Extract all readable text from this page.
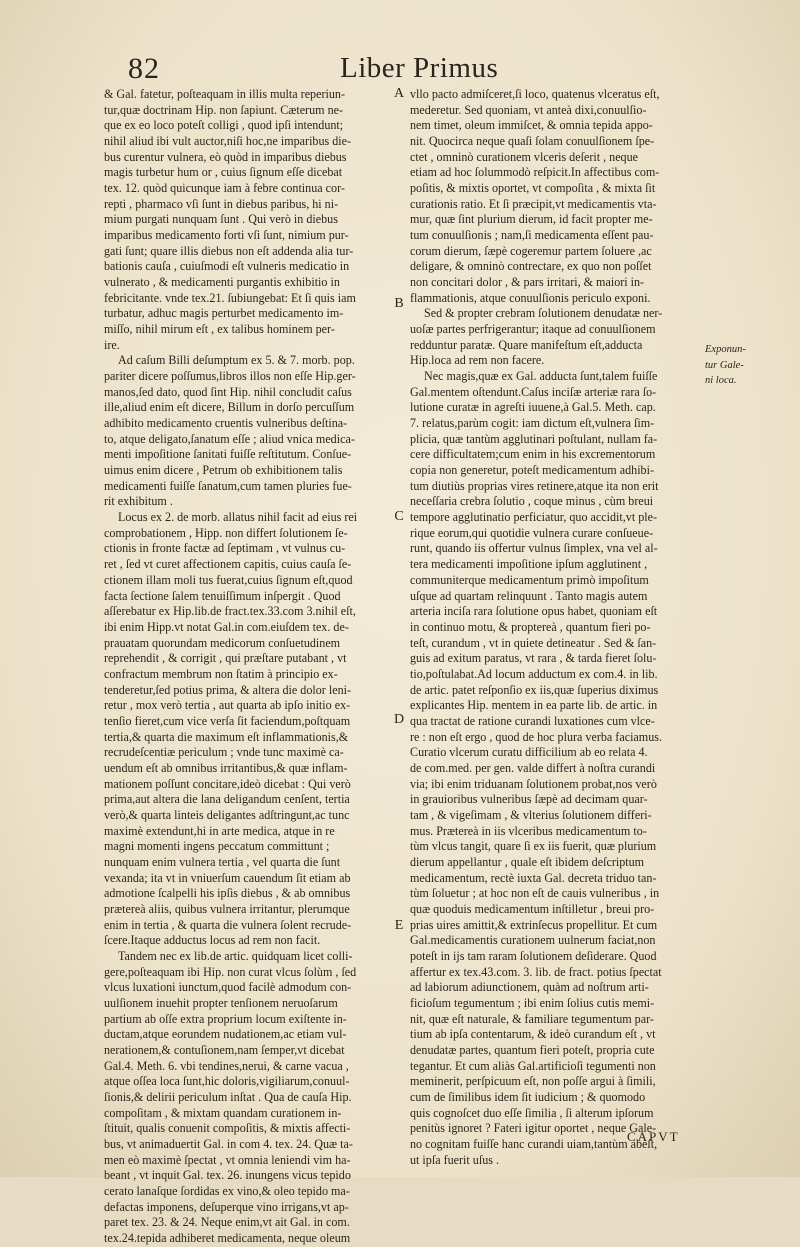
82	Liber Primus
& Gal. fatetur, poſteaquam in illis multa reperiun-
tur,quæ doctrinam Hip. non ſapiunt. Cæterum ne-
que ex eo loco poteſt colligi , quod ipſi intendunt;
nihil aliud ibi vult auctor,niſi hoc,ne imparibus die-
bus curentur vulnera, eò quòd in imparibus diebus
magis turbetur hum or , cuius ſignum eſſe dicebat
tex. 12. quòd quicunque iam à febre continua cor-
repti , pharmaco vſi ſunt in diebus paribus, hi ni-
mium purgati nunquam ſunt . Qui verò in diebus
imparibus medicamento forti vſi ſunt, nimium pur-
gati ſunt; quare illis diebus non eſt addenda alia tur-
bationis cauſa , cuiuſmodi eſt vulneris medicatio in
vulnerato , & medicamenti purgantis exhibitio in
febricitante. vnde tex.21. ſubiungebat: Et ſi quis iam
turbatur, adhuc magis perturbet medicamento im-
miſſo, nihil mirum eſt , ex talibus hominem per-
ire.
Ad caſum Billi deſumptum ex 5. & 7. morb. pop.
pariter dicere poſſumus,libros illos non eſſe Hip.ger-
manos,ſed dato, quod ſint Hip. nihil concludit caſus
ille,aliud enim eſt dicere, Billum in dorſo percuſſum
adhibito medicamento cruentis vulneribus deſtina-
to, atque deligato,ſanatum eſſe ; aliud vnica medica-
menti impoſitione ſanitati fuiſſe reſtitutum. Conſue-
uimus enim dicere , Petrum ob exhibitionem talis
medicamenti fuiſſe ſanatum,cum tamen pluries fue-
rit exhibitum .
Locus ex 2. de morb. allatus nihil facit ad eius rei
comprobationem , Hipp. non differt ſolutionem ſe-
ctionis in fronte factæ ad ſeptimam , vt vulnus cu-
ret , ſed vt curet affectionem capitis, cuius cauſa ſe-
ctionem illam moli tus fuerat,cuius ſignum eſt,quod
facta ſectione ſalem tenuiſſimum inſpergit . Quod
aſſerebatur ex Hip.lib.de fract.tex.33.com 3.nihil eſt,
ibi enim Hipp.vt notat Gal.in com.eiuſdem tex. de-
prauatam quorundam medicorum conſuetudinem
reprehendit , & corrigit , qui præſtare putabant , vt
confractum membrum non ſtatim à principio ex-
tenderetur,ſed potius prima, & altera die dolor leni-
retur , mox verò tertia , aut quarta ab ipſo initio ex-
tenſio fieret,cum vice verſa ſit faciendum,poſtquam
tertia,& quarta die maximum eſt inflammationis,&
recrudeſcentiæ periculum ; vnde tunc maximè ca-
uendum eſt ab omnibus irritantibus,& quæ inflam-
mationem poſſunt concitare,ideò dicebat : Qui verò
prima,aut altera die lana deligandum cenſent, tertia
verò,& quarta linteis deligantes adſtringunt,ac tunc
maximè extendunt,hi in arte medica, atque in re
magni momenti ingens peccatum committunt ;
nunquam enim vulnera tertia , vel quarta die ſunt
vexanda; ita vt in vniuerſum cauendum ſit etiam ab
admotione ſcalpelli his ipſis diebus , & ab omnibus
prætereà aliis, quibus vulnera irritantur, plerumque
enim in tertia , & quarta die vulnera ſolent recrude-
ſcere.Itaque adductus locus ad rem non facit.
Tandem nec ex lib.de artic. quidquam licet colli-
gere,poſteaquam ibi Hip. non curat vlcus ſolùm , ſed
vlcus luxationi iunctum,quod facilè admodum con-
uulſionem inuehit propter tenſionem neruoſarum
partium ab oſſe extra proprium locum exiſtente in-
ductam,atque eorundem nudationem,ac etiam vul-
nerationem,& contuſionem,nam ſemper,vt dicebat
Gal.4. Meth. 6. vbi tendines,nerui, & carne vacua ,
atque oſſea loca ſunt,hic doloris,vigiliarum,conuul-
ſionis,& delirii periculum inſtat . Qua de cauſa Hip.
compoſitam , & mixtam quandam curationem in-
ſtituit, qualis conuenit compoſitis, & mixtis affecti-
bus, vt animaduertit Gal. in com 4. tex. 24. Quæ ta-
men eò maximè ſpectat , vt omnia leniendi vim ha-
beant , vt inquit Gal. tex. 26. inungens vicus tepido
cerato lanaſque ſordidas ex vino,& oleo tepido ma-
defactas imponens, deſuperque vino irrigans,vt ap-
paret tex. 23. & 24. Neque enim,vt ait Gal. in com.
tex.24.tepida adhiberet medicamenta, neque oleum
A
B
C
D
E
vllo pacto admiſceret,ſi loco, quatenus vlceratus eſt,
mederetur. Sed quoniam, vt anteà dixi,conuulſio-
nem timet, oleum immiſcet, & omnia tepida appo-
nit. Quocirca neque quaſi ſolam conuulſionem ſpe-
ctet , omninò curationem vlceris deſerit , neque
etiam ad hoc ſolummodò reſpicit.In affectibus com-
poſitis, & mixtis oportet, vt compoſita , & mixta ſit
curationis ratio. Et ſi præcipit,vt medicamentis vta-
mur, quæ ſint plurium dierum, id facit propter me-
tum conuulſionis ; nam,ſi medicamenta eſſent pau-
corum dierum, ſæpè cogeremur partem ſoluere ,ac
deligare, & omninò contrectare, ex quo non poſſet
non concitari dolor , & pars irritari, & maiori in-
flammationis, atque conuulſionis periculo exponi.
Sed & propter crebram ſolutionem denudatæ ner-
uoſæ partes perfrigerantur; itaque ad conuulſionem
redduntur paratæ. Quare manifeſtum eſt,adducta
Hip.loca ad rem non facere.
Nec magis,quæ ex Gal. adducta ſunt,talem fuiſſe
Gal.mentem oſtendunt.Caſus inciſæ arteriæ rara ſo-
lutione curatæ in agreſti iuuene,à Gal.5. Meth. cap.
7. relatus,parùm cogit: iam dictum eſt,vulnera ſim-
plicia, quæ tantùm agglutinari poſtulant, nullam fa-
cere difficultatem;cum enim in his excrementorum
copia non generetur, poteſt medicamentum adhibi-
tum diutiùs proprias vires retinere,atque ita non erit
neceſſaria crebra ſolutio , coque minus , cùm breui
tempore agglutinatio perficiatur, quo accidit,vt ple-
rique eorum,qui quotidie vulnera curare conſueue-
runt, quando iis offertur vulnus ſimplex, vna vel al-
tera medicamenti impoſitione ipſum agglutinent ,
communiterque medicamentum primò impoſitum
uſque ad quartam relinquunt . Tanto magis autem
arteria inciſa rara ſolutione opus habet, quoniam eſt
in continuo motu, & proptereà , quantum fieri po-
teſt, curandum , vt in quiete detineatur . Sed & ſan-
guis ad exitum paratus, vt rara , & tarda fieret ſolu-
tio,poſtulabat.Ad locum adductum ex com.4. in lib.
de artic. patet reſponſio ex iis,quæ ſuperius diximus
explicantes Hip. mentem in ea parte lib. de artic. in
qua tractat de ratione curandi luxationes cum vlce-
re : non eſt ergo , quod de hoc plura verba faciamus.
Curatio vlcerum curatu difficilium ab eo relata 4.
de com.med. per gen. valde differt à noſtra curandi
via; ibi enim triduanam ſolutionem probat,nos verò
in grauioribus vulneribus ſæpè ad decimam quar-
tam , & vigeſimam , & vlterius ſolutionem differi-
mus. Prætereà in iis vlceribus medicamentum to-
tùm vlcus tangit, quare ſi ex iis fuerit, quæ plurium
dierum appellantur , quale eſt ibidem deſcriptum
medicamentum, rectè iuxta Gal. decreta triduo tan-
tùm ſoluetur ; at hoc non eſt de cauis vulneribus , in
quæ quoduis medicamentum inſtilletur , breui pro-
prias uires amittit,& extrinſecus propellitur. Et cum
Gal.medicamentis curationem uulnerum faciat,non
poteſt in ijs tam raram ſolutionem deſiderare. Quod
affertur ex tex.43.com. 3. lib. de fract. potius ſpectat
ad labiorum adiunctionem, quàm ad noſtrum arti-
ficioſum tegumentum ; ibi enim ſolius cutis memi-
nit, quæ eſt naturale, & familiare tegumentum par-
tium ab ipſa contentarum, & ideò curandum eſt , vt
denudatæ partes, quantum fieri poteſt, propria cute
tegantur. Et cum aliàs Gal.artificioſi tegumenti non
meminerit, perſpicuum eſt, non poſſe argui à ſimili,
cum de ſimilibus idem ſit iudicium ; & quomodo
quis cognoſcet duo eſſe ſimilia , ſi alterum ipſorum
penitùs ignoret ? Fateri igitur oportet , neque Gale-
no cognitam fuiſſe hanc curandi uiam,tantùm abeſt,
ut ipſa fuerit uſus .
Exponun-
tur Gale-
ni loca.
CAPVT
